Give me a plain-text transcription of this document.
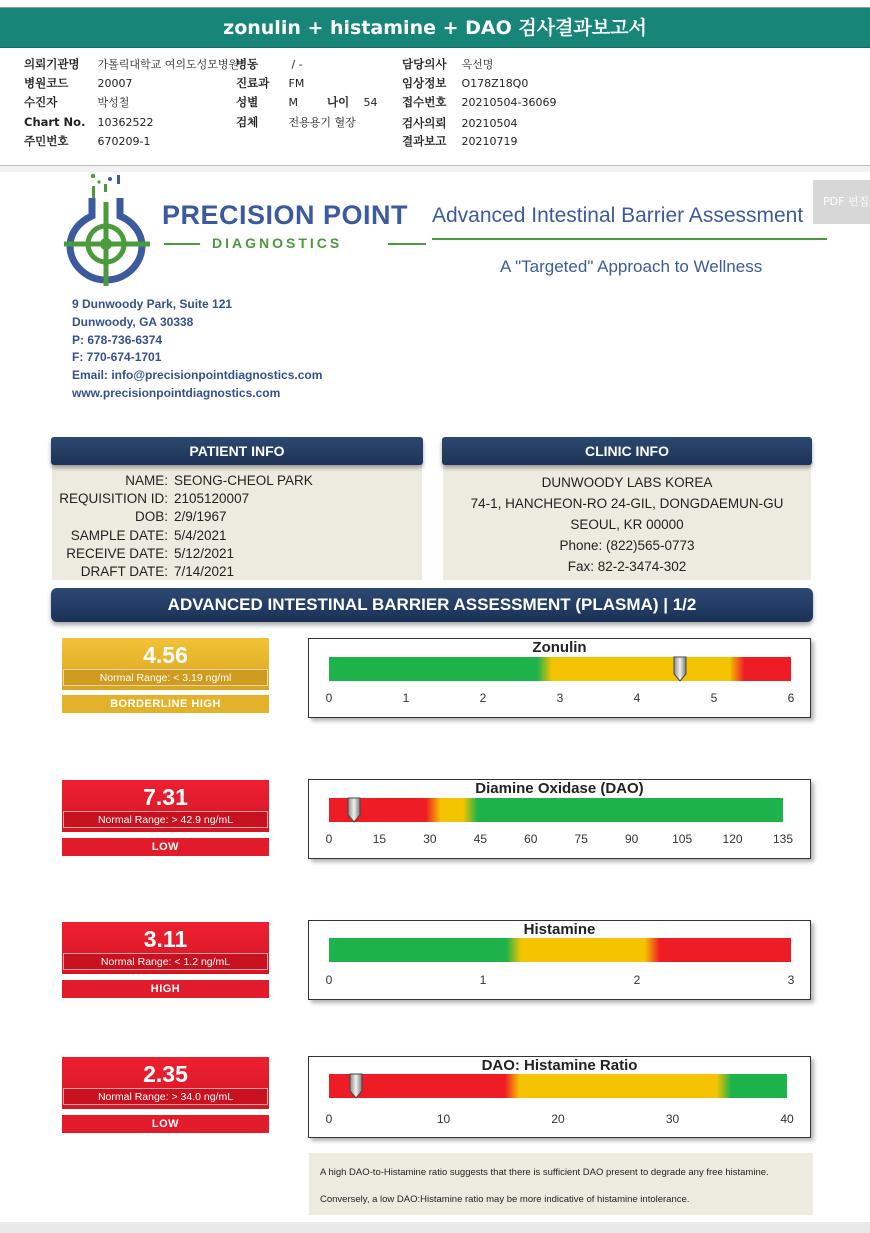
zonulin + histamine + DAO 검사결과보고서
의뢰기관명 가톨릭대학교 여의도성모병원
병동	/ -	담당의사 옥선명
병원코드	20007	진료과 FM	임상정보 O178Z18Q0
수진자	박성철	성별	M	나이 54 접수번호 20210504-36069
Chart No. 10362522	검체	전용용기 혈장	검사의뢰 20210504
주민번호	670209-1	결과보고 20210719
PRECISION POINT
DIAGNOSTICS
Advanced Intestinal Barrier Assessment
A "Targeted" Approach to Wellness
PDF 편집
9 Dunwoody Park, Suite 121
Dunwoody, GA 30338
P: 678-736-6374
F: 770-674-1701
Email: info@precisionpointdiagnostics.com
www.precisionpointdiagnostics.com
PATIENT INFO
NAME: SEONG-CHEOL PARK
REQUISITION ID: 2105120007
DOB: 2/9/1967
SAMPLE DATE: 5/4/2021
RECEIVE DATE: 5/12/2021
DRAFT DATE: 7/14/2021
CLINIC INFO
DUNWOODY LABS KOREA
74-1, HANCHEON-RO 24-GIL, DONGDAEMUN-GU
SEOUL, KR 00000
Phone: (822)565-0773
Fax: 82-2-3474-302
ADVANCED INTESTINAL BARRIER ASSESSMENT (PLASMA) | 1/2
4.56
Normal Range: < 3.19 ng/ml
BORDERLINE HIGH
7.31
Normal Range: > 42.9 ng/mL
LOW
3.11
Normal Range: < 1.2 ng/mL
HIGH
2.35
Normal Range: > 34.0 ng/mL
LOW
Zonulin
0	1	2	3	4	5	6
Diamine Oxidase (DAO)
0	15	30	45	60	75	90	105	120	135
Histamine
0	1	2	3
DAO: Histamine Ratio
0	10	20	30	40
A high DAO-to-Histamine ratio suggests that there is sufficient DAO present to degrade any free histamine.
Conversely, a low DAO:Histamine ratio may be more indicative of histamine intolerance.
